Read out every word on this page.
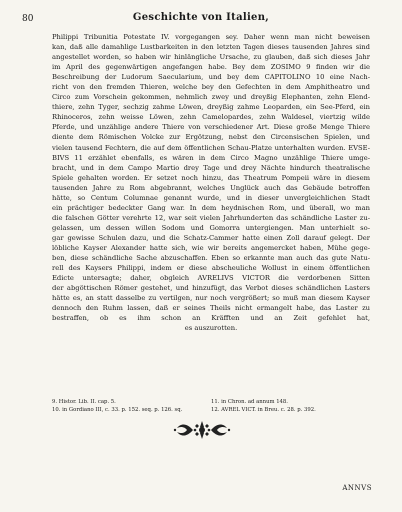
80	Geschichte von Italien,
Philippi Tribunitia Potestate IV. vorgegangen sey. Daher wenn man nicht beweisen
kan, daß alle damahlige Lustbarkeiten in den letzten Tagen dieses tausenden Jahres sind
angestellet worden, so haben wir hinlängliche Ursache, zu glauben, daß sich dieses Jahr
im April des gegenwärtigen angefangen habe. Bey dem ZOSIMO 9 finden wir die
Beschreibung der Ludorum Saecularium, und bey dem CAPITOLINO 10 eine Nach-
richt von den fremden Thieren, welche bey den Gefechten in dem Amphitheatro und
Circo zum Vorschein gekommen, nehmlich zwey und dreyßig Elephanten, zehn Elend-
thiere, zehn Tyger, sechzig zahme Löwen, dreyßig zahme Leoparden, ein See-Pferd, ein
Rhinoceros, zehn weisse Löwen, zehn Camelopardes, zehn Waldesel, viertzig wilde
Pferde, und unzählige andere Thiere von verschiedener Art. Diese große Menge Thiere
diente dem Römischen Volcke zur Ergötzung, nebst den Circensischen Spielen, und
vielen tausend Fechtern, die auf dem öffentlichen Schau-Platze unterhalten wurden. EVSE-
BIVS 11 erzählet ebenfalls, es wären in dem Circo Magno unzählige Thiere umge-
bracht, und in dem Campo Martio drey Tage und drey Nächte hindurch theatralische
Spiele gehalten worden. Er setzet noch hinzu, das Theatrum Pompeii wäre in diesem
tausenden Jahre zu Rom abgebrannt, welches Unglück auch das Gebäude betroffen
hätte, so Centum Columnae genannt wurde, und in dieser unvergleichlichen Stadt
ein prächtiger bedeckter Gang war. In dem heydnischen Rom, und überall, wo man
die falschen Götter verehrte 12, war seit vielen Jahrhunderten das schändliche Laster zu-
gelassen, um dessen willen Sodom und Gomorra untergiengen. Man unterhielt so-
gar gewisse Schulen dazu, und die Schatz-Cammer hatte einen Zoll darauf gelegt. Der
löbliche Kayser Alexander hatte sich, wie wir bereits angemercket haben, Mühe gege-
ben, diese schändliche Sache abzuschaffen. Eben so erkannte man auch das gute Natu-
rell des Kaysers Philippi, indem er diese abscheuliche Wollust in einem öffentlichen
Edicte untersagte; daher, obgleich AVRELIVS VICTOR die verdorbenen Sitten
der abgöttischen Römer gestehet, und hinzufügt, das Verbot dieses schändlichen Lasters
hätte es, an statt dasselbe zu vertilgen, nur noch vergrößert; so muß man diesem Kayser
dennoch den Ruhm lassen, daß er seines Theils nicht ermangelt habe, das Laster zu
bestraffen, ob es ihm schon an Kräfften und an Zeit gefehlet hat,
es auszurotten.
9. Histor. Lib. II. cap. 5.	11. in Chron. ad annum 148.
10. in Gordiano III, c. 33. p. 152. seq. p. 126. sq.	12. AVREL VICT. in Breu. c. 28. p. 392.
ANNVS
